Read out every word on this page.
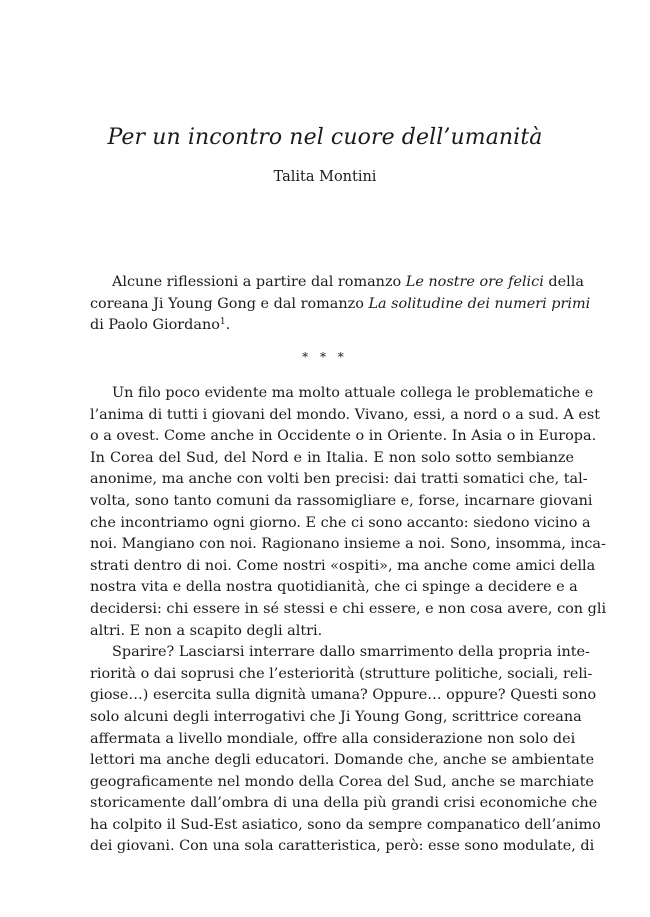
Per un incontro nel cuore dell’umanità
Talita Montini
Alcune riflessioni a partire dal romanzo Le nostre ore felici della
coreana Ji Young Gong e dal romanzo La solitudine dei numeri primi
di Paolo Giordano$^1$.
* * *

Un filo poco evidente ma molto attuale collega le problematiche e
l’anima di tutti i giovani del mondo. Vivano, essi, a nord o a sud. A est
o a ovest. Come anche in Occidente o in Oriente. In Asia o in Europa.
In Corea del Sud, del Nord e in Italia. E non solo sotto sembianze
anonime, ma anche con volti ben precisi: dai tratti somatici che, tal-
volta, sono tanto comuni da rassomigliare e, forse, incarnare giovani
che incontriamo ogni giorno. E che ci sono accanto: siedono vicino a
noi. Mangiano con noi. Ragionano insieme a noi. Sono, insomma, inca-
strati dentro di noi. Come nostri «ospiti», ma anche come amici della
nostra vita e della nostra quotidianità, che ci spinge a decidere e a
decidersi: chi essere in sé stessi e chi essere, e non cosa avere, con gli
altri. E non a scapito degli altri.

Sparire? Lasciarsi interrare dallo smarrimento della propria inte-
riorità o dai soprusi che l’esteriorità (strutture politiche, sociali, reli-
giose…) esercita sulla dignità umana? Oppure… oppure? Questi sono
solo alcuni degli interrogativi che Ji Young Gong, scrittrice coreana
affermata a livello mondiale, offre alla considerazione non solo dei
lettori ma anche degli educatori. Domande che, anche se ambientate
geograficamente nel mondo della Corea del Sud, anche se marchiate
storicamente dall’ombra di una della più grandi crisi economiche che
ha colpito il Sud-Est asiatico, sono da sempre companatico dell’animo
dei giovani. Con una sola caratteristica, però: esse sono modulate, di
